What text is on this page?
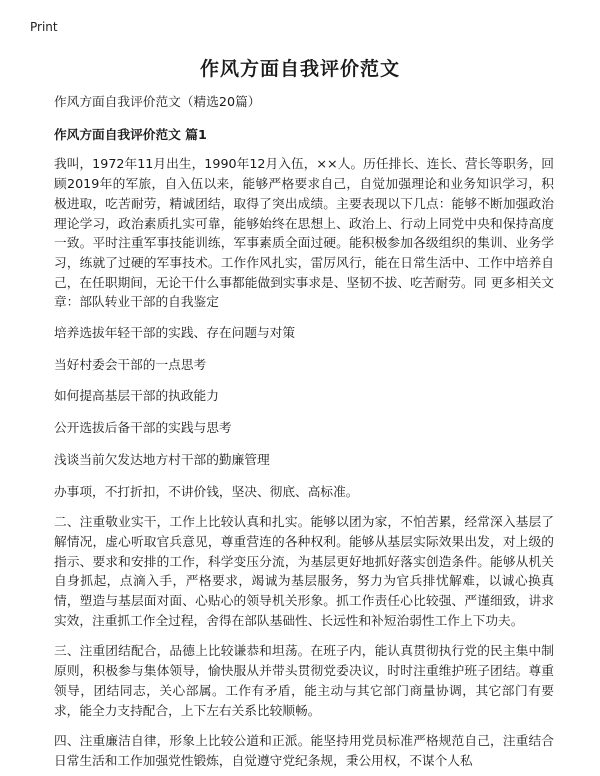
Print
作风方面自我评价范文

作风方面自我评价范文（精选20篇）

作风方面自我评价范文 篇1

我叫，1972年11月出生，1990年12月入伍，××人。历任排长、连长、营长等职务，回顾2019年的军旅，自入伍以来，能够严格要求自己，自觉加强理论和业务知识学习，积极进取，吃苦耐劳，精诚团结，取得了突出成绩。主要表现以下几点：能够不断加强政治理论学习，政治素质扎实可靠，能够始终在思想上、政治上、行动上同党中央和保持高度一致。平时注重军事技能训练，军事素质全面过硬。能积极参加各级组织的集训、业务学习，练就了过硬的军事技术。工作作风扎实，雷厉风行，能在日常生活中、工作中培养自己，在任职期间，无论干什么事都能做到实事求是、坚韧不拔、吃苦耐劳。同 更多相关文章：部队转业干部的自我鉴定

培养选拔年轻干部的实践、存在问题与对策
当好村委会干部的一点思考
如何提高基层干部的执政能力
公开选拔后备干部的实践与思考
浅谈当前欠发达地方村干部的勤廉管理

办事项，不打折扣，不讲价钱，坚决、彻底、高标准。

二、注重敬业实干，工作上比较认真和扎实。能够以团为家，不怕苦累，经常深入基层了解情况，虚心听取官兵意见，尊重营连的各种权利。能够从基层实际效果出发，对上级的指示、要求和安排的工作，科学变压分流，为基层更好地抓好落实创造条件。能够从机关自身抓起，点滴入手，严格要求，竭诚为基层服务，努力为官兵排忧解难，以诚心换真情，塑造与基层面对面、心贴心的领导机关形象。抓工作责任心比较强、严谨细致，讲求实效，注重抓工作全过程，舍得在部队基础性、长远性和补短治弱性工作上下功夫。

三、注重团结配合，品德上比较谦恭和坦荡。在班子内，能认真贯彻执行党的民主集中制原则，积极参与集体领导，愉快服从并带头贯彻党委决议，时时注重维护班子团结。尊重领导，团结同志，关心部属。工作有矛盾，能主动与其它部门商量协调，其它部门有要求，能全力支持配合，上下左右关系比较顺畅。

四、注重廉洁自律，形象上比较公道和正派。能坚持用党员标准严格规范自己，注重结合日常生活和工作加强党性锻炼，自觉遵守党纪条规，秉公用权，不谋个人私
